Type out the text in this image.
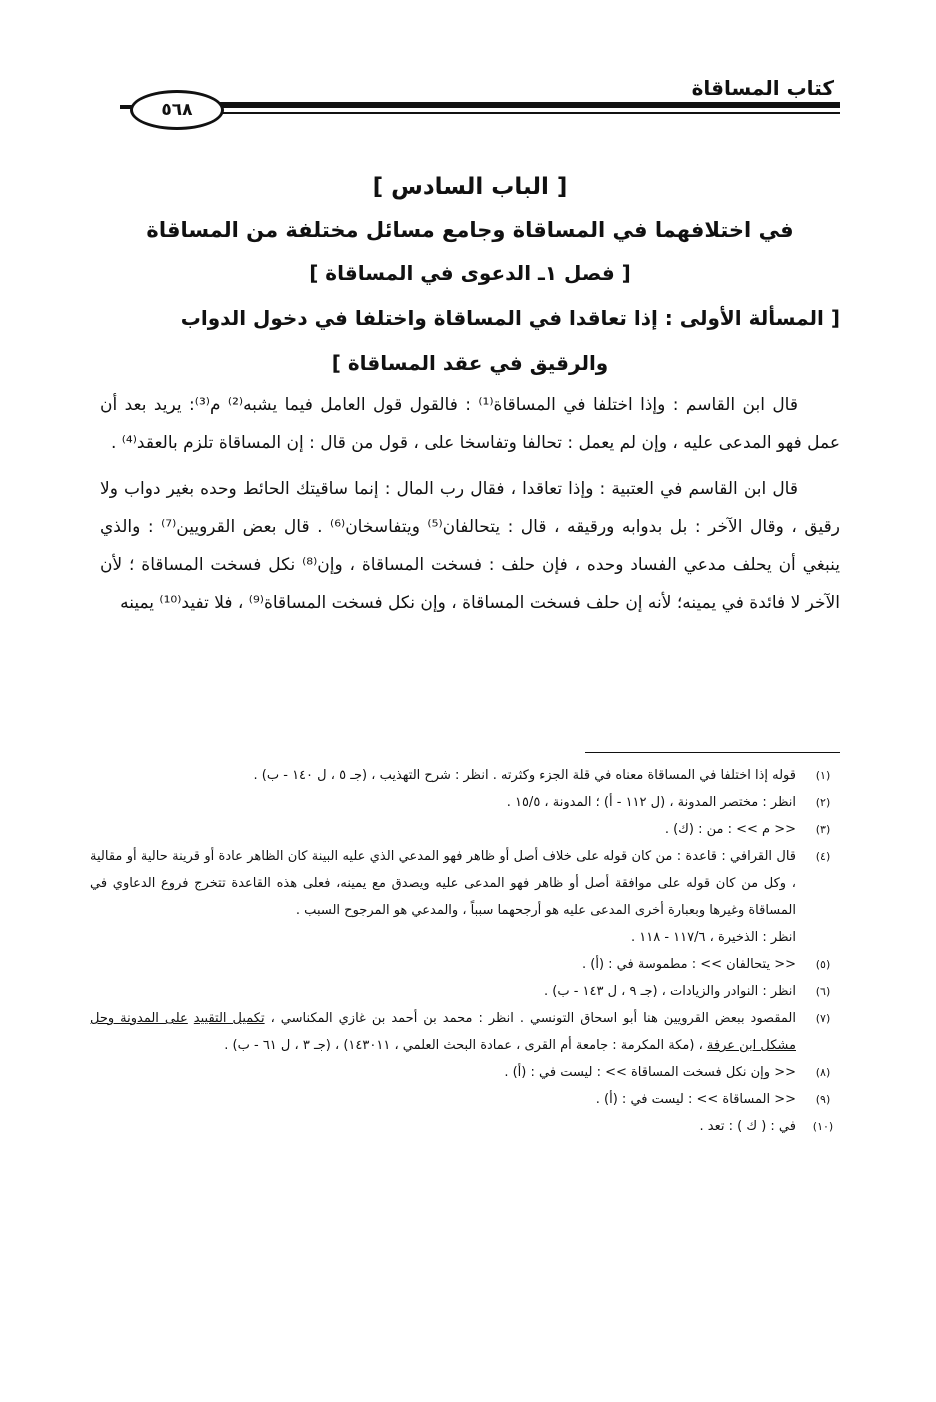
كتاب المساقاة
٥٦٨
[ الباب السادس ]
في اختلافهما في المساقاة وجامع مسائل مختلفة من المساقاة
[ فصل ١ـ الدعوى في المساقاة ]
[ المسألة الأولى : إذا تعاقدا في المساقاة واختلفا في دخول الدواب
والرقيق في عقد المساقاة ]

قال ابن القاسم : وإذا اختلفا في المساقاة⁽¹⁾ : فالقول قول العامل فيما يشبه⁽²⁾ م⁽³⁾: يريد بعد أن عمل فهو المدعى عليه ، وإن لم يعمل : تحالفا وتفاسخا على ، قول من قال : إن المساقاة تلزم بالعقد⁽⁴⁾ .

قال ابن القاسم في العتبية : وإذا تعاقدا ، فقال رب المال : إنما ساقيتك الحائط وحده بغير دواب ولا رقيق ، وقال الآخر : بل بدوابه ورقيقه ، قال : يتحالفان⁽⁵⁾ ويتفاسخان⁽⁶⁾ . قال بعض القرويين⁽⁷⁾ : والذي ينبغي أن يحلف مدعي الفساد وحده ، فإن حلف : فسخت المساقاة ، وإن⁽⁸⁾ نكل فسخت المساقاة ؛ لأن الآخر لا فائدة في يمينه؛ لأنه إن حلف فسخت المساقاة ، وإن نكل فسخت المساقاة⁽⁹⁾ ، فلا تفيد⁽¹⁰⁾ يمينه

(١)
قوله إذا اختلفا في المساقاة معناه في قلة الجزء وكثرته . انظر : شرح التهذيب ، (جـ ٥ ، ل ١٤٠ - ب) .
(٢)
انظر : مختصر المدونة ، (ل ١١٢ - أ) ؛ المدونة ، ١٥/٥ .
(٣)
<< م >> : من : (ك) .
(٤)
قال القرافي : قاعدة : من كان قوله على خلاف أصل أو ظاهر فهو المدعي الذي عليه البينة كان الظاهر عادة أو قرينة حالية أو مقالية ، وكل من كان قوله على موافقة أصل أو ظاهر فهو المدعى عليه ويصدق مع يمينه، فعلى هذه القاعدة تتخرج فروع الدعاوي في المساقاة وغيرها وبعبارة أخرى المدعى عليه هو أرجحهما سبباً ، والمدعي هو المرجوح السبب .
انظر : الذخيرة ، ١١٧/٦ - ١١٨ .
(٥)
<< يتحالفان >> : مطموسة في : (أ) .
(٦)
انظر : النوادر والزيادات ، (جـ ٩ ، ل ١٤٣ - ب) .
(٧)
المقصود ببعض القرويين هنا أبو اسحاق التونسي . انظر : محمد بن أحمد بن غازي المكناسي ، تكميل التقييد على المدونة وحل مشكل ابن عرفة ، (مكة المكرمة : جامعة أم القرى ، عمادة البحث العلمي ، ١٤٣٠١١) ، (جـ ٣ ، ل ٦١ - ب) .
(٨)
<< وإن نكل فسخت المساقاة >> : ليست في : (أ) .
(٩)
<< المساقاة >> : ليست في : (أ) .
(١٠)
في : ( ك ) : تعد .
